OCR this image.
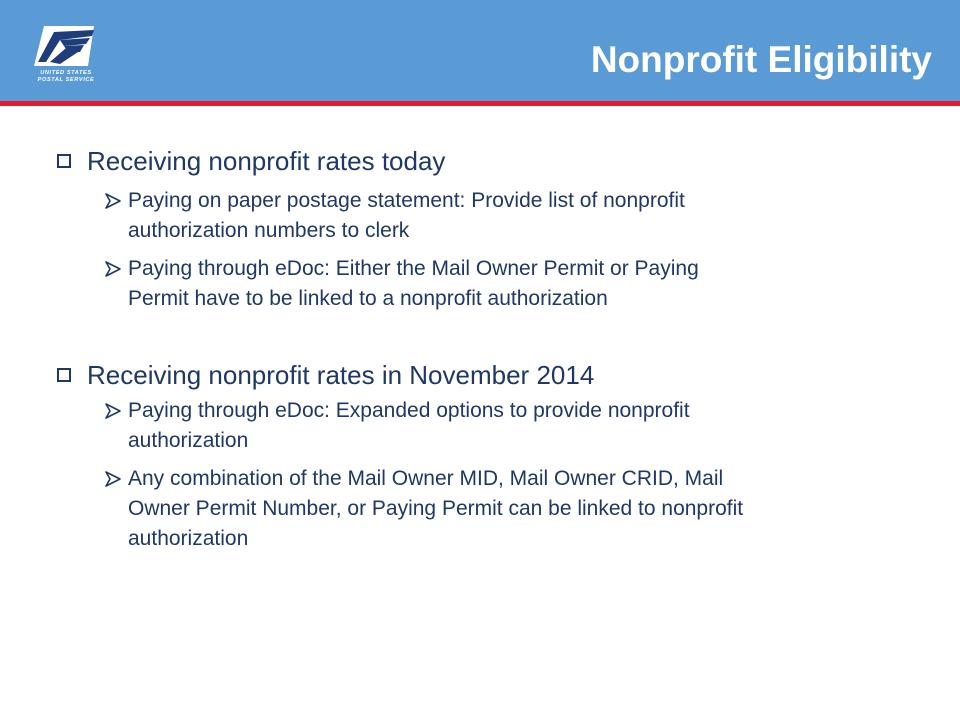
UNITED STATES
POSTAL SERVICE	Nonprofit Eligibility
Receiving nonprofit rates today
Paying on paper postage statement: Provide list of nonprofit
authorization numbers to clerk
Paying through eDoc: Either the Mail Owner Permit or Paying
Permit have to be linked to a nonprofit authorization
Receiving nonprofit rates in November 2014
Paying through eDoc: Expanded options to provide nonprofit
authorization
Any combination of the Mail Owner MID, Mail Owner CRID, Mail
Owner Permit Number, or Paying Permit can be linked to nonprofit
authorization
